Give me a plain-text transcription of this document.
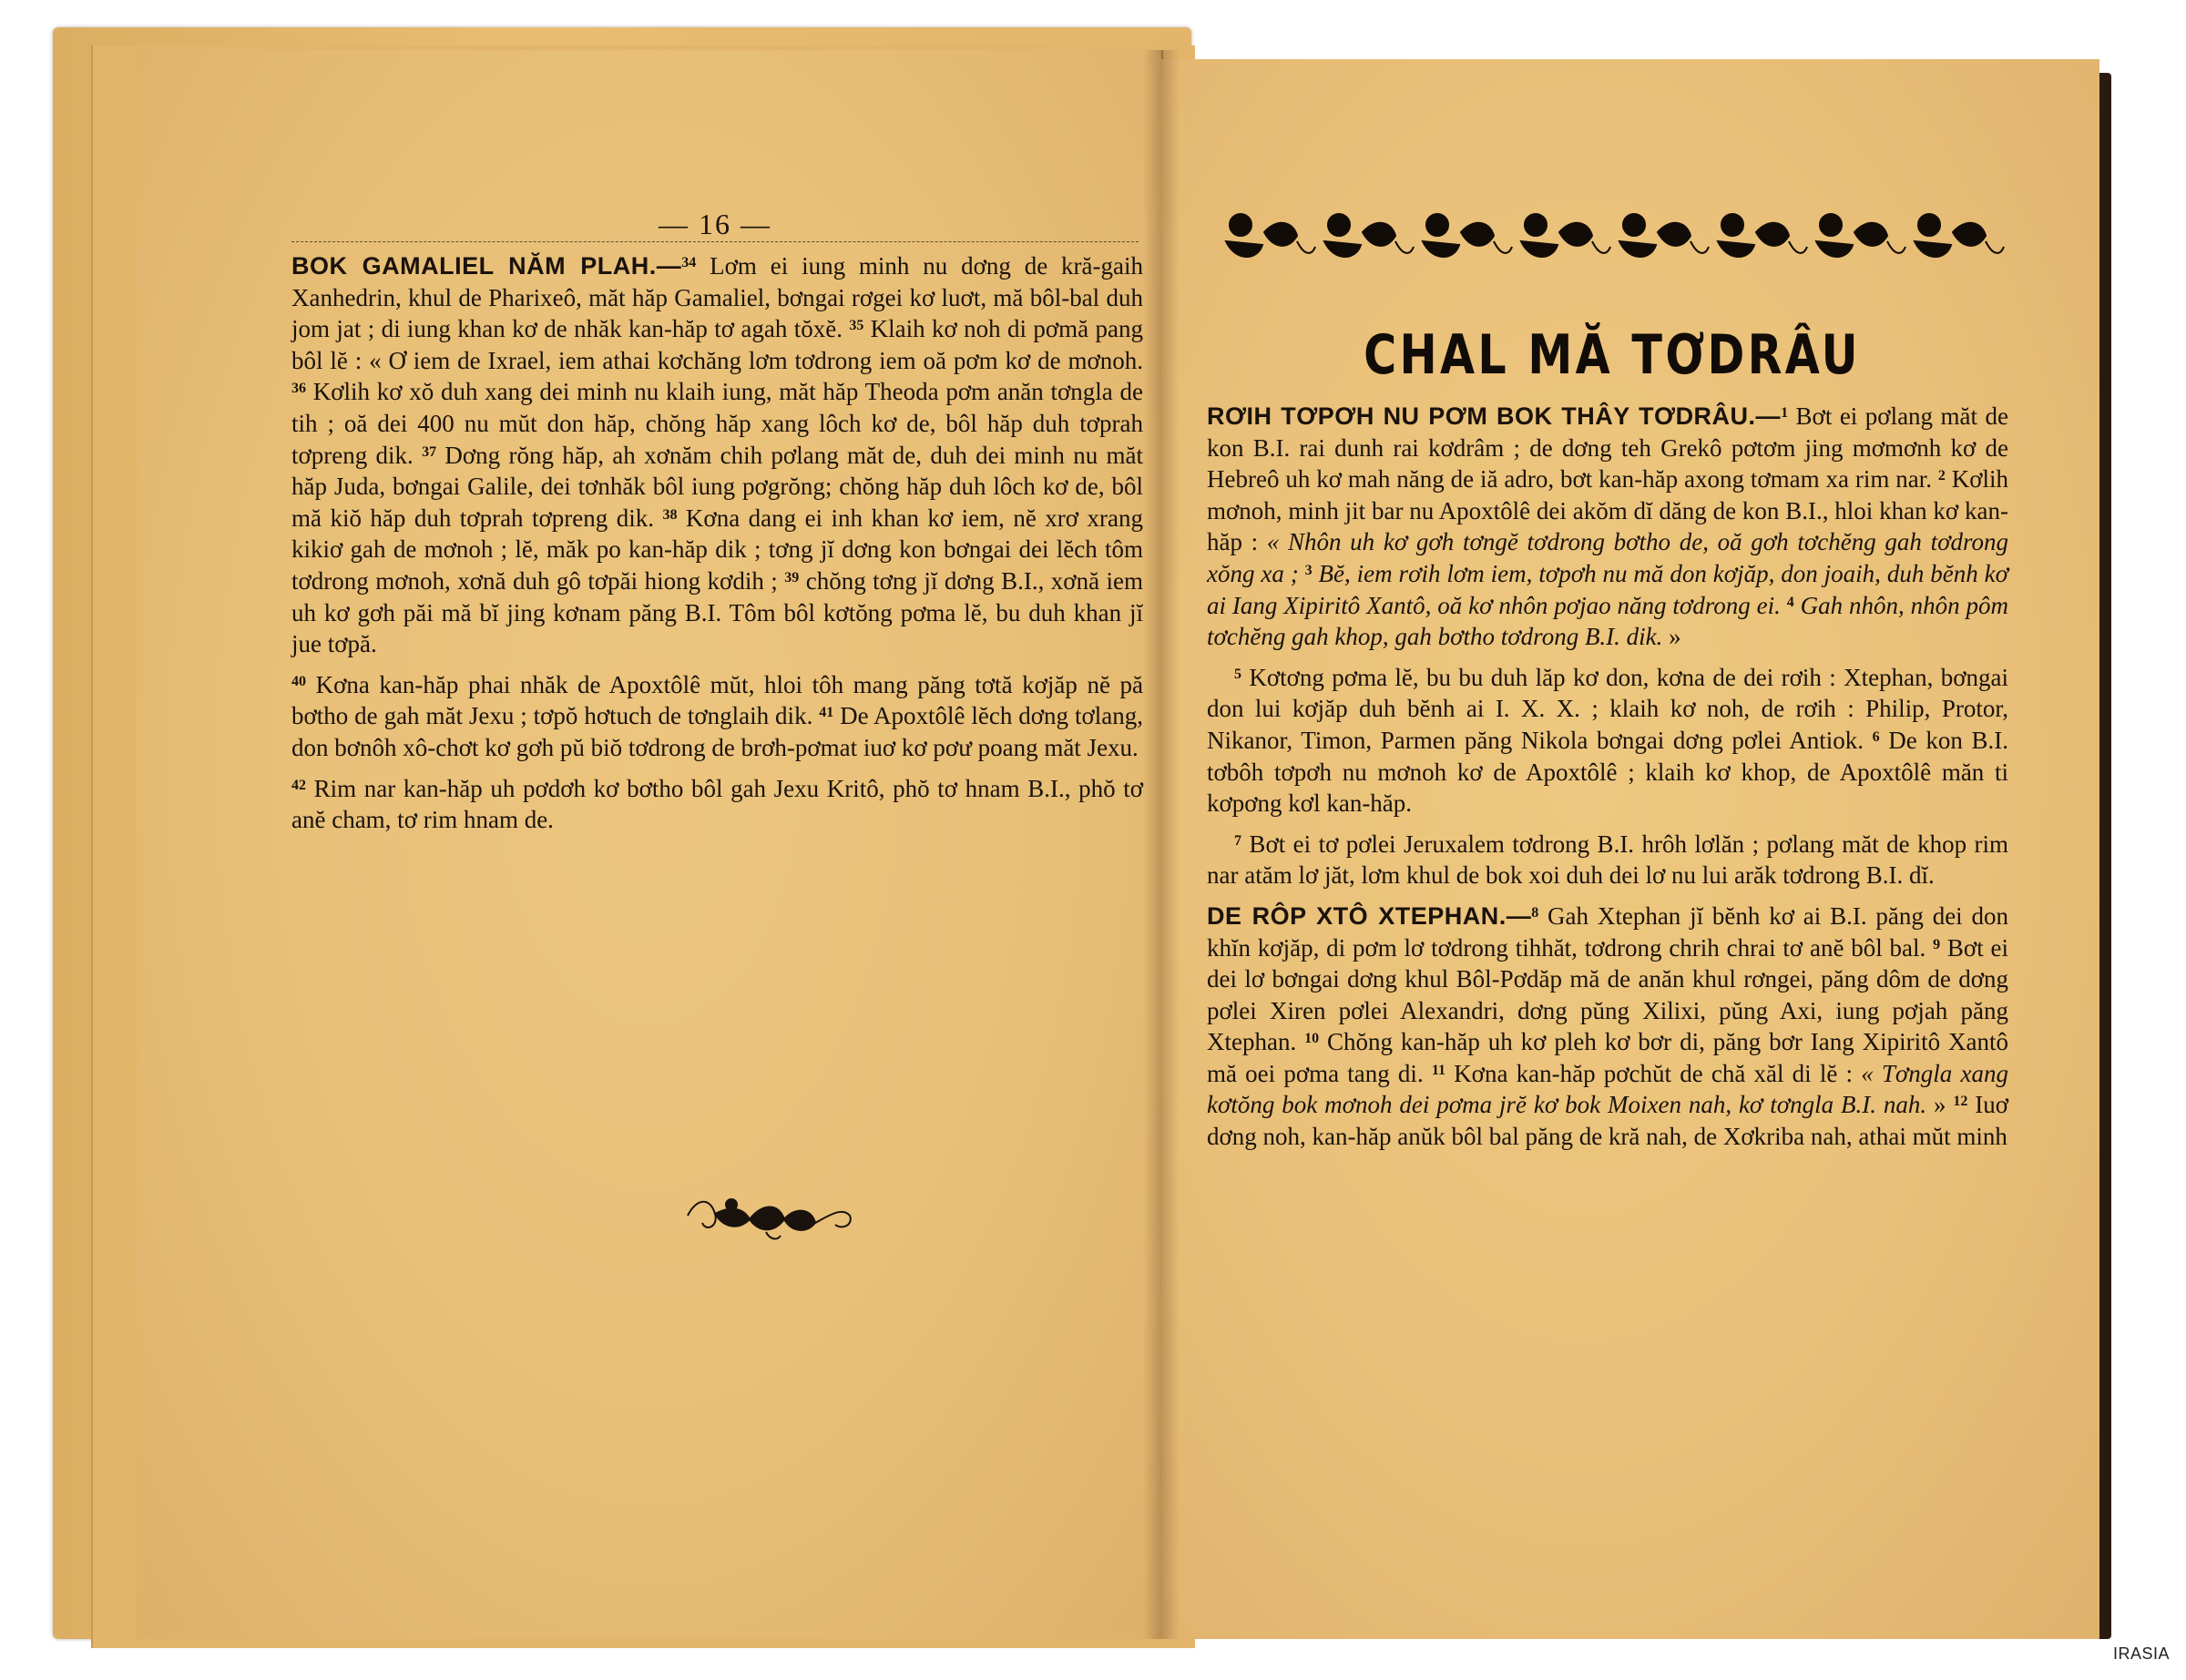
— 16 —

BOK GAMALIEL NĂM PLAH.—$^{34}$ Lơm ei iung minh nu dơng de kră-gaih Xanhedrin, khul de Pharixeô, măt hăp Gamaliel, bơngai rơgei kơ luơt, mă bôl-bal duh jom jat ; di iung khan kơ de nhăk kan-hăp tơ agah tŏxĕ. $^{35}$ Klaih kơ noh di pơmă pang bôl lĕ : « Ơ iem de Ixrael, iem athai kơchăng lơm tơdrong iem oă pơm kơ de mơnoh. $^{36}$ Kơlih kơ xŏ duh xang dei minh nu klaih iung, măt hăp Theoda pơm anăn tơngla de tih ; oă dei 400 nu mŭt don hăp, chŏng hăp xang lôch kơ de, bôl hăp duh tơprah tơpreng dik. $^{37}$ Dơng rŏng hăp, ah xơnăm chih pơlang măt de, duh dei minh nu măt hăp Juda, bơngai Galile, dei tơnhăk bôl iung pơgrŏng; chŏng hăp duh lôch kơ de, bôl mă kiŏ hăp duh tơprah tơpreng dik. $^{38}$ Kơna dang ei inh khan kơ iem, nĕ xrơ xrang kikiơ gah de mơnoh ; lĕ, măk po kan-hăp dik ; tơng jĭ dơng kon bơngai dei lĕch tôm tơdrong mơnoh, xơnă duh gô tơpăi hiong kơdih ; $^{39}$ chŏng tơng jĭ dơng B.I., xơnă iem uh kơ gơh păi mă bĭ jing kơnam păng B.I. Tôm bôl kơtŏng pơma lĕ, bu duh khan jĭ jue tơpă.

$^{40}$ Kơna kan-hăp phai nhăk de Apoxtôlê mŭt, hloi tôh mang păng tơtă kơjăp nĕ pă bơtho de gah măt Jexu ; tơpŏ hơtuch de tơnglaih dik. $^{41}$ De Apoxtôlê lĕch dơng tơlang, don bơnôh xô-chơt kơ gơh pŭ biŏ tơdrong de brơh-pơmat iuơ kơ pơư poang măt Jexu.

$^{42}$ Rim nar kan-hăp uh pơdơh kơ bơtho bôl gah Jexu Kritô, phŏ tơ hnam B.I., phŏ tơ anĕ cham, tơ rim hnam de.

CHAL MĂ TƠDRÂU

RƠIH TƠPƠH NU PƠM BOK THÂY TƠDRÂU.—$^1$ Bơt ei pơlang măt de kon B.I. rai dunh rai kơdrâm ; de dơng teh Grekô pơtơm jing mơmơnh kơ de Hebreô uh kơ mah năng de iă adro, bơt kan-hăp axong tơmam xa rim nar. $^2$ Kơlih mơnoh, minh jit bar nu Apoxtôlê dei akŏm dĭ dăng de kon B.I., hloi khan kơ kan-hăp : « Nhôn uh kơ gơh tơngĕ tơdrong bơtho de, oă gơh tơchĕng gah tơdrong xŏng xa ; $^3$ Bĕ, iem rơih lơm iem, tơpơh nu mă don kơjăp, don joaih, duh bĕnh kơ ai Iang Xipiritô Xantô, oă kơ nhôn pơjao năng tơdrong ei. $^4$ Gah nhôn, nhôn pôm tơchĕng gah khop, gah bơtho tơdrong B.I. dik. »

$^5$ Kơtơng pơma lĕ, bu bu duh lăp kơ don, kơna de dei rơih : Xtephan, bơngai don lui kơjăp duh bĕnh ai I. X. X. ; klaih kơ noh, de rơih : Philip, Protor, Nikanor, Timon, Parmen păng Nikola bơngai dơng pơlei Antiok. $^6$ De kon B.I. tơbôh tơpơh nu mơnoh kơ de Apoxtôlê ; klaih kơ khop, de Apoxtôlê măn ti kơpơng kơl kan-hăp.

$^7$ Bơt ei tơ pơlei Jeruxalem tơdrong B.I. hrôh lơlăn ; pơlang măt de khop rim nar atăm lơ jăt, lơm khul de bok xoi duh dei lơ nu lui arăk tơdrong B.I. dĭ.

DE RÔP XTÔ XTEPHAN.—$^8$ Gah Xtephan jĭ bĕnh kơ ai B.I. păng dei don khĭn kơjăp, di pơm lơ tơdrong tihhăt, tơdrong chrih chrai tơ anĕ bôl bal. $^9$ Bơt ei dei lơ bơngai dơng khul Bôl-Pơdăp mă de anăn khul rơngei, păng dôm de dơng pơlei Xiren pơlei Alexandri, dơng pŭng Xilixi, pŭng Axi, iung pơjah păng Xtephan. $^{10}$ Chŏng kan-hăp uh kơ pleh kơ bơr di, păng bơr Iang Xipiritô Xantô mă oei pơma tang di. $^{11}$ Kơna kan-hăp pơchŭt de chă xăl di lĕ : « Tơngla xang kơtŏng bok mơnoh dei pơma jrĕ kơ bok Moixen nah, kơ tơngla B.I. nah. » $^{12}$ Iuơ dơng noh, kan-hăp anŭk bôl bal păng de kră nah, de Xơkriba nah, athai mŭt minh

IRASIA
